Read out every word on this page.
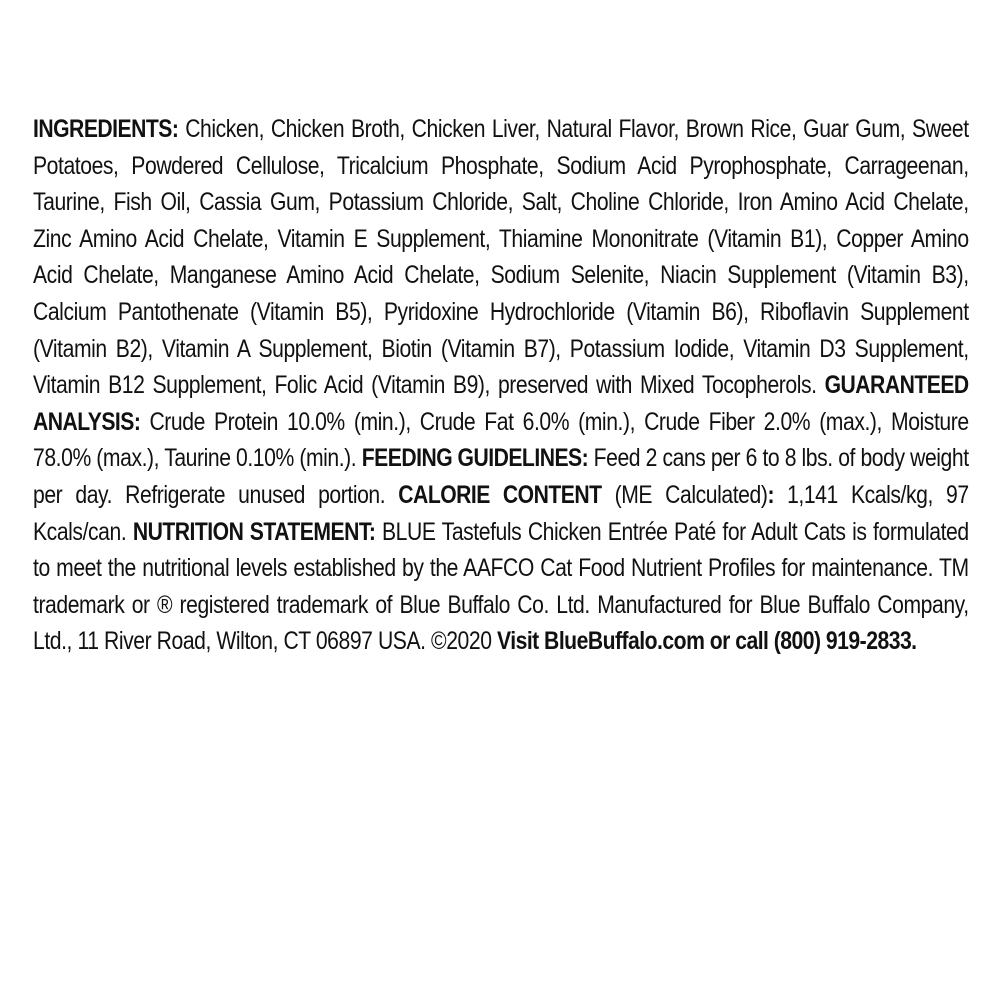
INGREDIENTS: Chicken, Chicken Broth, Chicken Liver, Natural Flavor, Brown Rice, Guar Gum, Sweet Potatoes, Powdered Cellulose, Tricalcium Phosphate, Sodium Acid Pyrophosphate, Carrageenan, Taurine, Fish Oil, Cassia Gum, Potassium Chloride, Salt, Choline Chloride, Iron Amino Acid Chelate, Zinc Amino Acid Chelate, Vitamin E Supplement, Thiamine Mononitrate (Vitamin B1), Copper Amino Acid Chelate, Manganese Amino Acid Chelate, Sodium Selenite, Niacin Supplement (Vitamin B3), Calcium Pantothenate (Vitamin B5), Pyridoxine Hydrochloride (Vitamin B6), Riboflavin Supplement (Vitamin B2), Vitamin A Supplement, Biotin (Vitamin B7), Potassium Iodide, Vitamin D3 Supplement, Vitamin B12 Supplement, Folic Acid (Vitamin B9), preserved with Mixed Tocopherols. GUARANTEED ANALYSIS: Crude Protein 10.0% (min.), Crude Fat 6.0% (min.), Crude Fiber 2.0% (max.), Moisture 78.0% (max.), Taurine 0.10% (min.). FEEDING GUIDELINES: Feed 2 cans per 6 to 8 lbs. of body weight per day. Refrigerate unused portion. CALORIE CONTENT (ME Calculated): 1,141 Kcals/kg, 97 Kcals/can. NUTRITION STATEMENT: BLUE Tastefuls Chicken Entrée Paté for Adult Cats is formulated to meet the nutritional levels established by the AAFCO Cat Food Nutrient Profiles for maintenance. TM trademark or ® registered trademark of Blue Buffalo Co. Ltd. Manufactured for Blue Buffalo Company, Ltd., 11 River Road, Wilton, CT 06897 USA. ©2020 Visit BlueBuffalo.com or call (800) 919-2833.
